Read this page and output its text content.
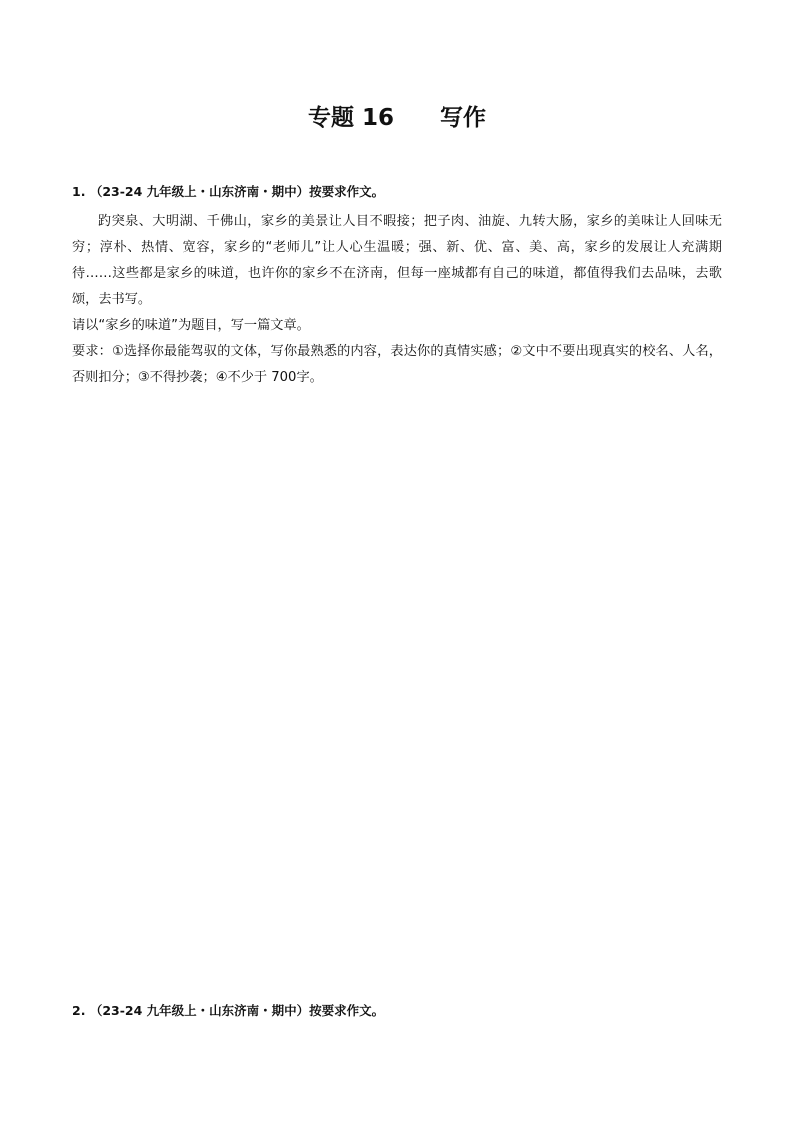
专题 16　　写作
1. （23-24 九年级上・山东济南・期中）按要求作文。

趵突泉、大明湖、千佛山，家乡的美景让人目不暇接；把子肉、油旋、九转大肠，家乡的美味让人回味无穷；淳朴、热情、宽容，家乡的“老师儿”让人心生温暖；强、新、优、富、美、高，家乡的发展让人充满期待……这些都是家乡的味道，也许你的家乡不在济南，但每一座城都有自己的味道，都值得我们去品味，去歌颂，去书写。

请以“家乡的味道”为题目，写一篇文章。

要求：①选择你最能驾驭的文体，写你最熟悉的内容，表达你的真情实感；②文中不要出现真实的校名、人名，否则扣分；③不得抄袭；④不少于 700字。

2. （23-24 九年级上・山东济南・期中）按要求作文。
